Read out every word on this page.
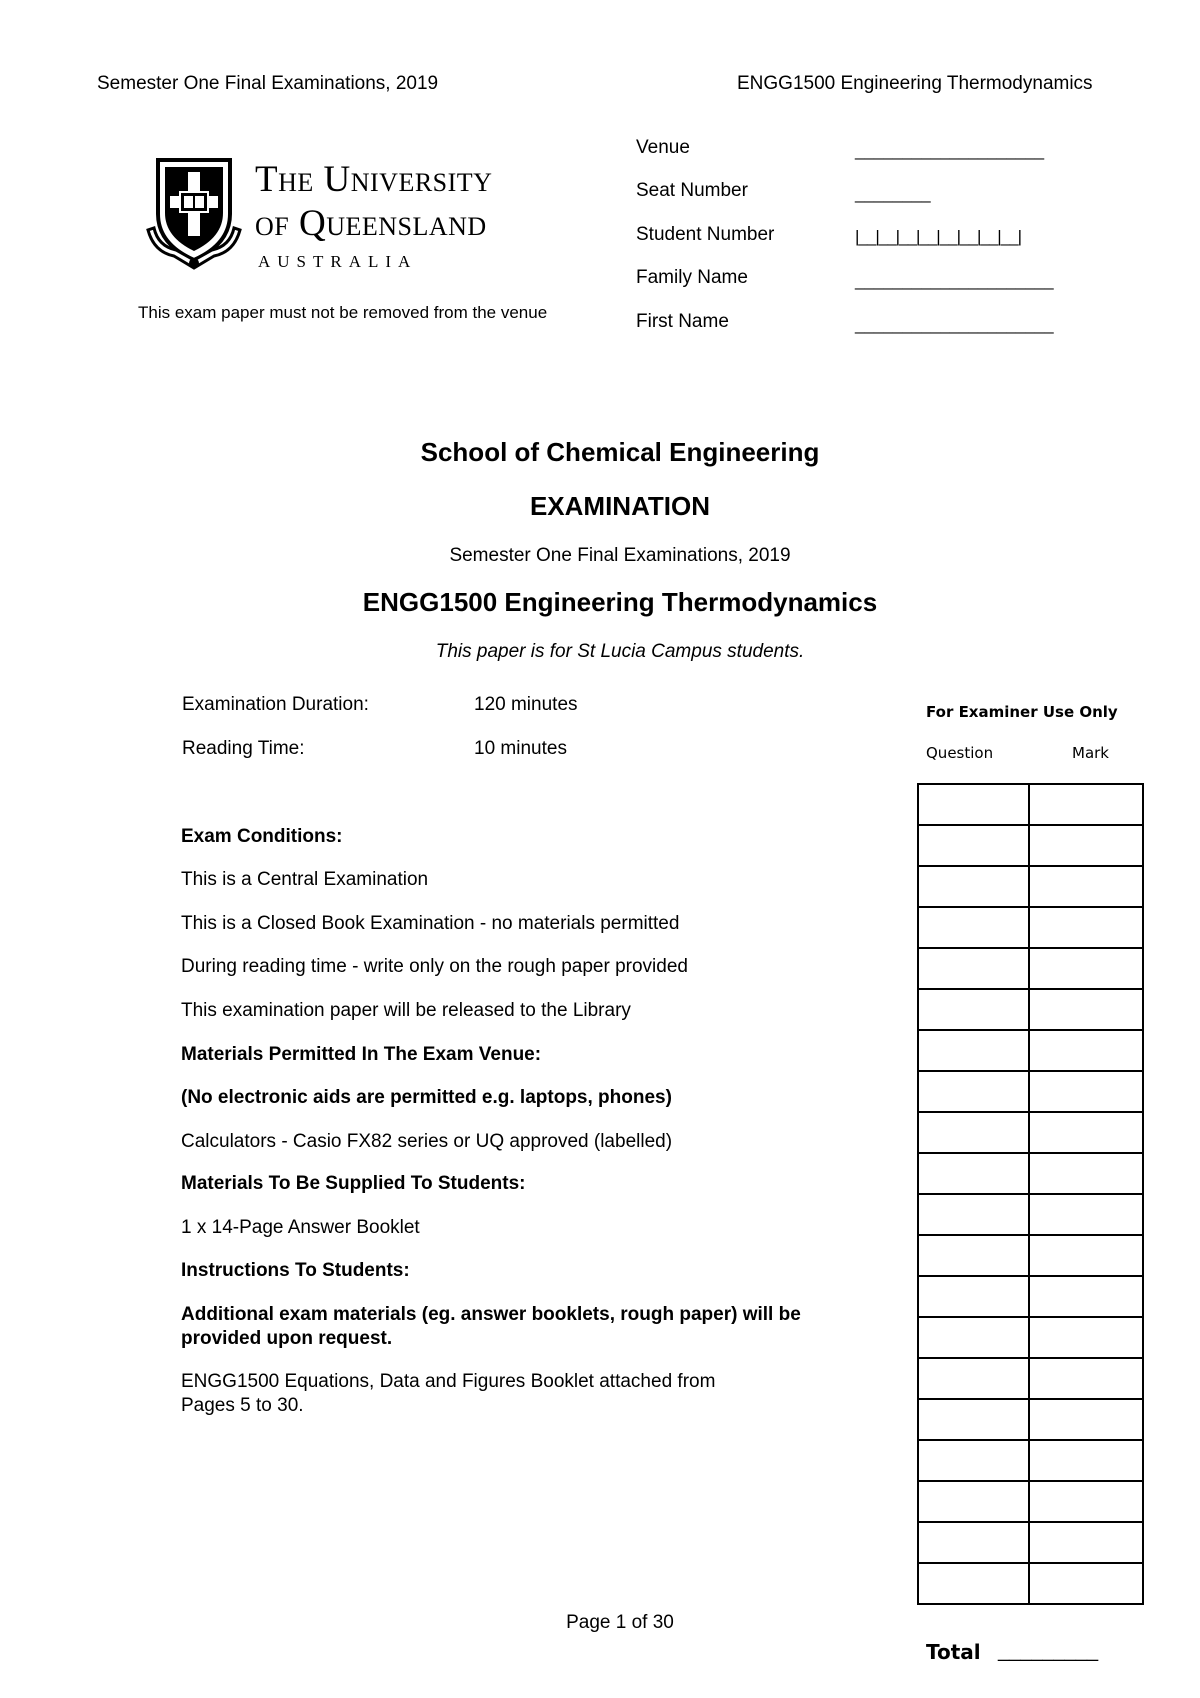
Semester One Final Examinations, 2019	ENGG1500 Engineering Thermodynamics
The University
of Queensland
AUSTRALIA
This exam paper must not be removed from the venue
Venue	____________________
Seat Number	________
Student Number	|__|__|__|__|__|__|__|__|
Family Name	_____________________
First Name	_____________________
School of Chemical Engineering
EXAMINATION
Semester One Final Examinations, 2019
ENGG1500 Engineering Thermodynamics
This paper is for St Lucia Campus students.
Examination Duration:	120 minutes
Reading Time:	10 minutes
Exam Conditions:
This is a Central Examination
This is a Closed Book Examination - no materials permitted
During reading time - write only on the rough paper provided
This examination paper will be released to the Library
Materials Permitted In The Exam Venue:
(No electronic aids are permitted e.g. laptops, phones)
Calculators - Casio FX82 series or UQ approved (labelled)
Materials To Be Supplied To Students:
1 x 14-Page Answer Booklet
Instructions To Students:
Additional exam materials (eg. answer booklets, rough paper) will be
provided upon request.
ENGG1500 Equations, Data and Figures Booklet attached from
Pages 5 to 30.
For Examiner Use Only
Question	Mark

Total _________
Page 1 of 30
